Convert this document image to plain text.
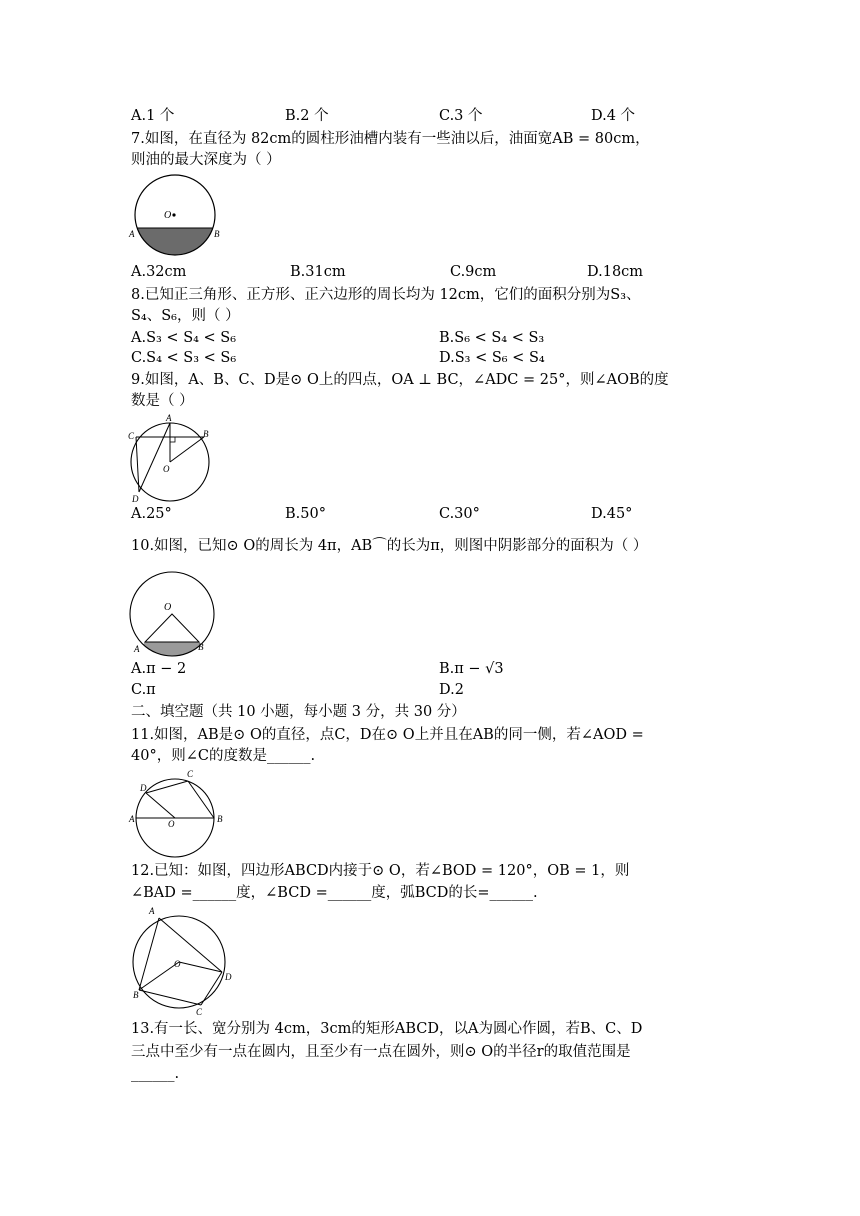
A.1 个	B.2 个	C.3 个	D.4 个
7.如图，在直径为 82cm的圆柱形油槽内装有一些油以后，油面宽AB = 80cm，
则油的最大深度为（ ）
O
A	B
A.32cm	B.31cm	C.9cm	D.18cm
8.已知正三角形、正方形、正六边形的周长均为 12cm，它们的面积分别为S₃、
S₄、S₆，则（ ）
A.S₃ < S₄ < S₆	B.S₆ < S₄ < S₃
C.S₄ < S₃ < S₆	D.S₃ < S₆ < S₄
9.如图，A、B、C、D是⊙ O上的四点，OA ⊥ BC，∠ADC = 25°，则∠AOB的度
数是（ ）
A
B
C
D
O
A.25°	B.50°	C.30°	D.45°
10.如图，已知⊙ O的周长为 4π，AB⌒的长为π，则图中阴影部分的面积为（ ）
O
A	B
A.π − 2	B.π − √3
C.π	D.2
二、填空题（共 10 小题，每小题 3 分，共 30 分）
11.如图，AB是⊙ O的直径，点C，D在⊙ O上并且在AB的同一侧，若∠AOD =
40°，则∠C的度数是______.
A	B
C
D
O
12.已知：如图，四边形ABCD内接于⊙ O，若∠BOD = 120°，OB = 1，则
∠BAD =______度，∠BCD =______度，弧BCD的长=______.
A
B
C
D
O
13.有一长、宽分别为 4cm，3cm的矩形ABCD，以A为圆心作圆，若B、C、D
三点中至少有一点在圆内，且至少有一点在圆外，则⊙ O的半径r的取值范围是
______.
